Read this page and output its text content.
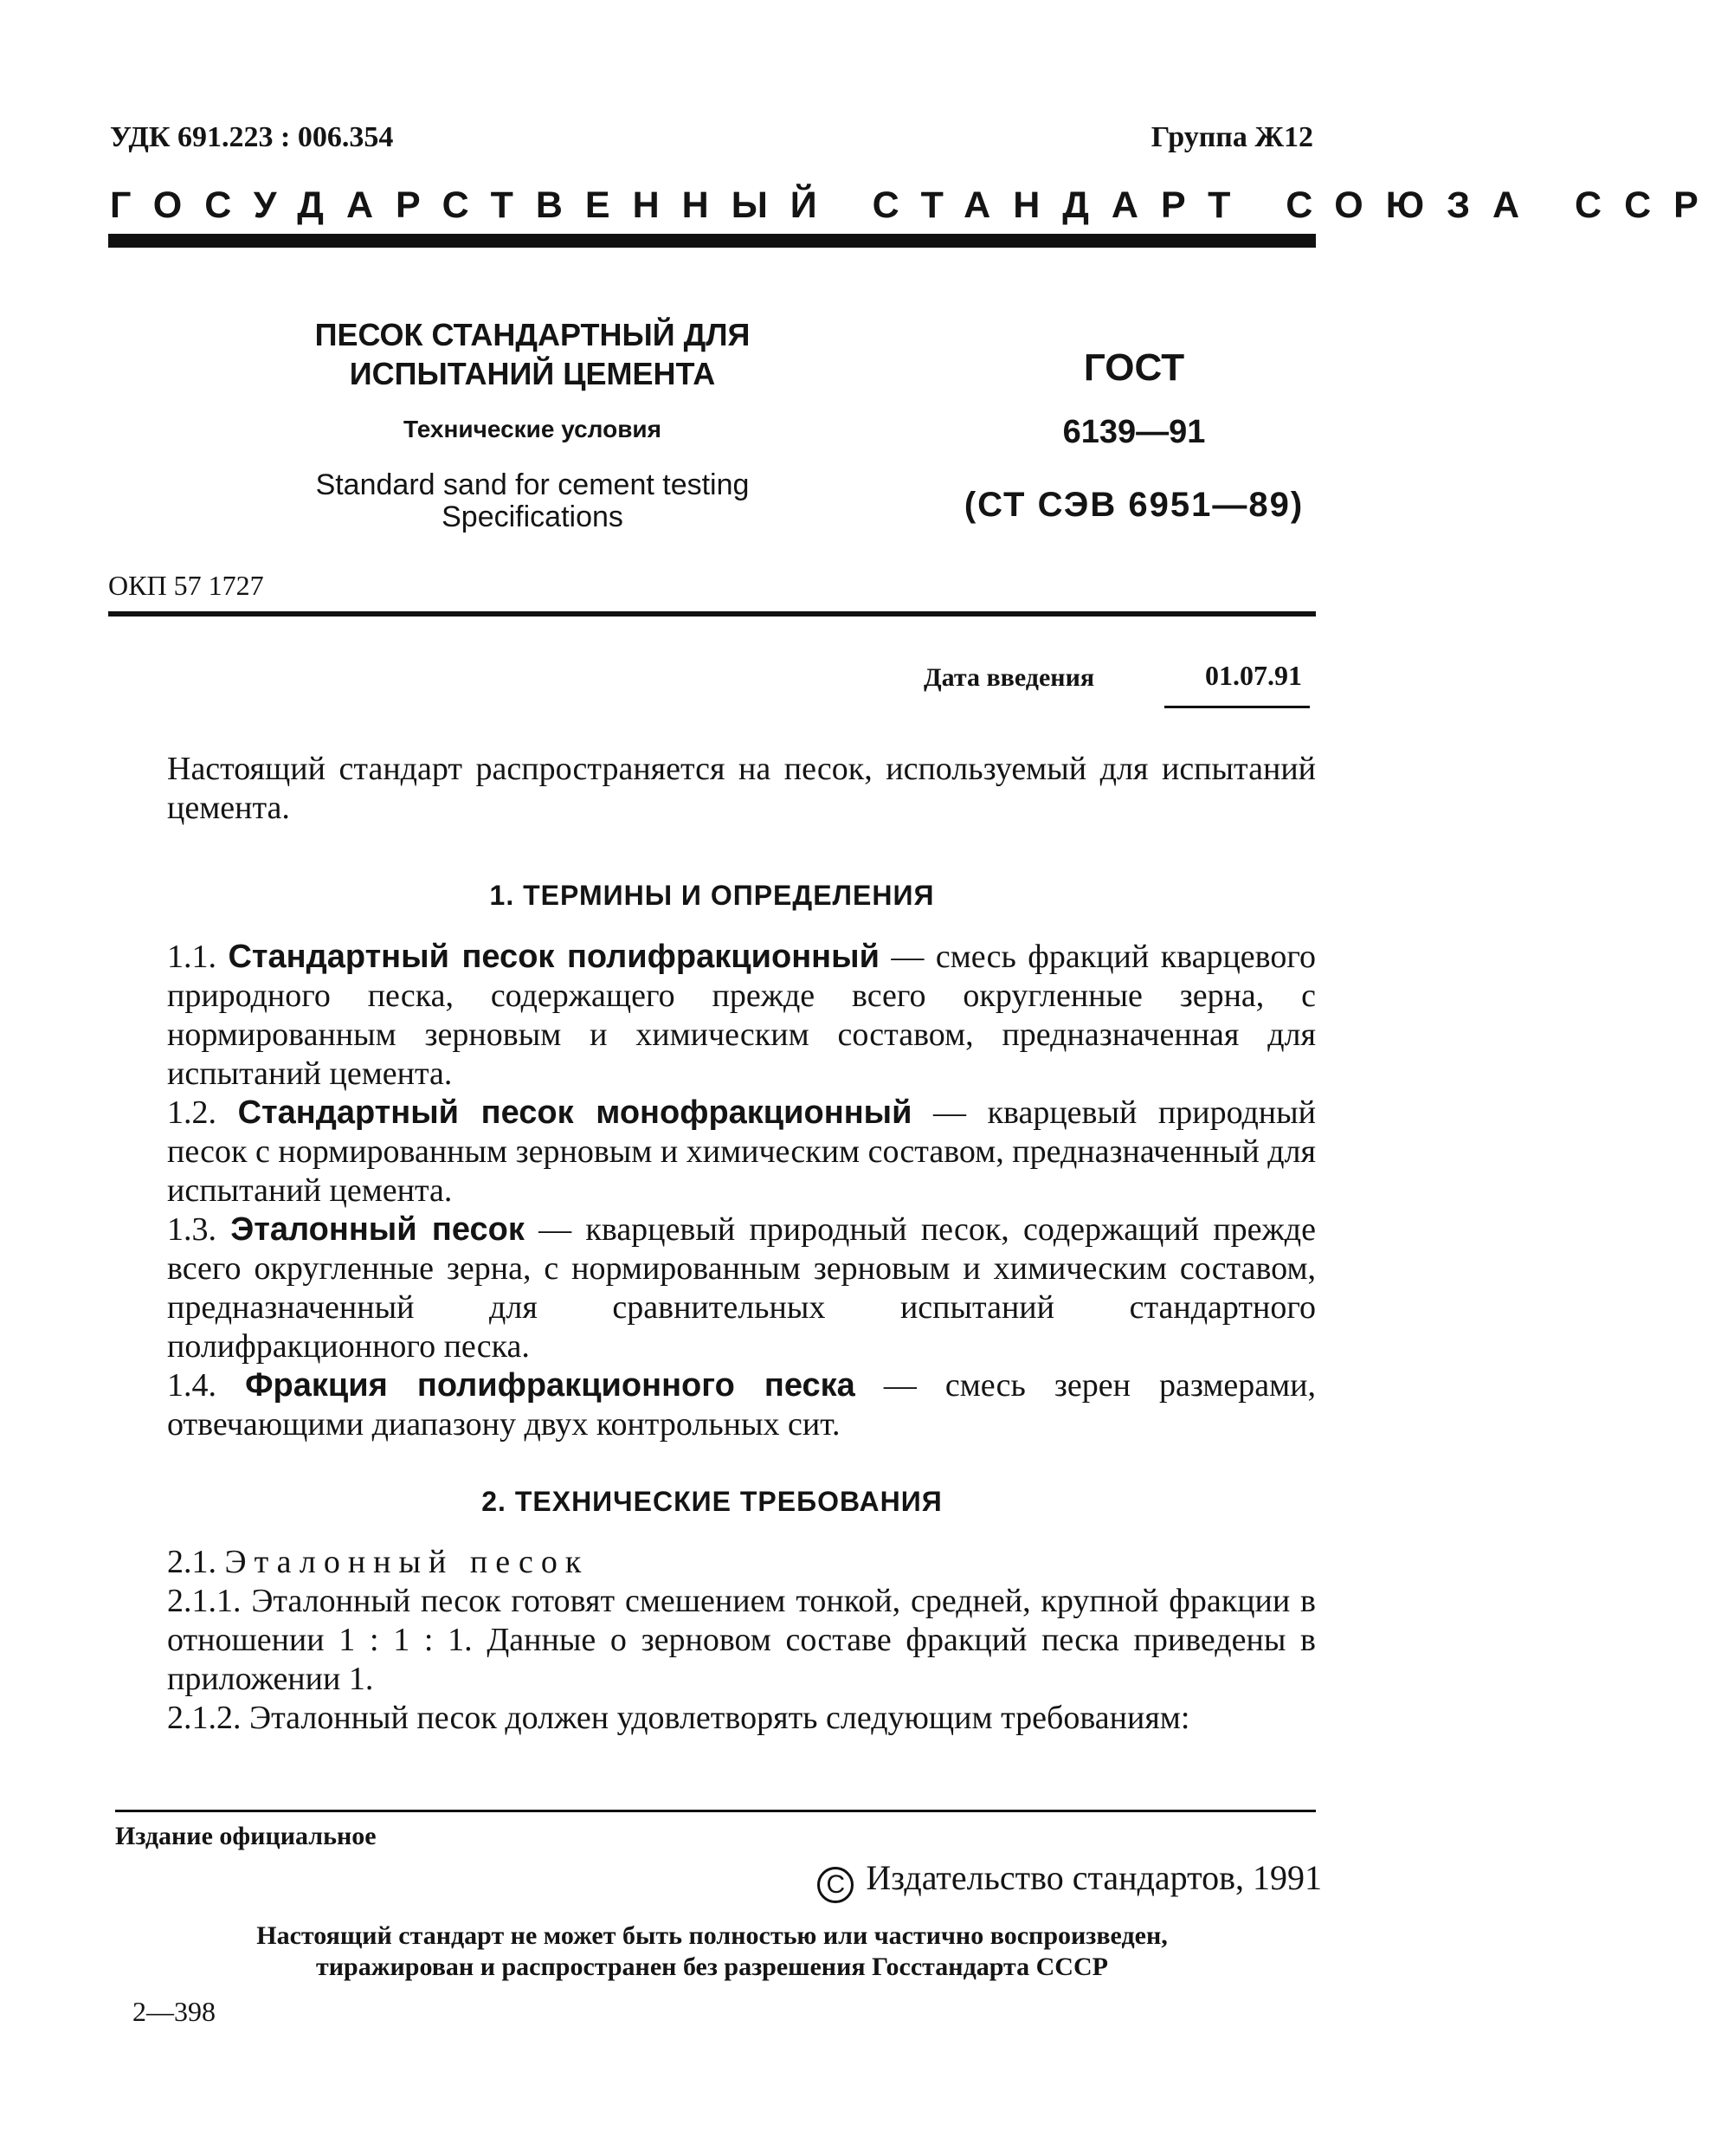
УДК 691.223 : 006.354	Группа Ж12
ГОСУДАРСТВЕННЫЙ СТАНДАРТ СОЮЗА ССР
ПЕСОК СТАНДАРТНЫЙ ДЛЯ
ИСПЫТАНИЙ ЦЕМЕНТА
Технические условия
Standard sand for cement testing
Specifications
ГОСТ
6139—91
(СТ СЭВ 6951—89)
ОКП 57 1727
Дата введения	01.07.91
Настоящий стандарт распространяется на песок, используемый для испытаний цемента.
1. ТЕРМИНЫ И ОПРЕДЕЛЕНИЯ
1.1. Стандартный песок полифракционный — смесь фракций кварцевого природного песка, содержащего прежде всего округленные зерна, с нормированным зерновым и химическим составом, предназначенная для испытаний цемента.
1.2. Стандартный песок монофракционный — кварцевый природный песок с нормированным зерновым и химическим составом, предназначенный для испытаний цемента.
1.3. Эталонный песок — кварцевый природный песок, содержащий прежде всего округленные зерна, с нормированным зерновым и химическим составом, предназначенный для сравнительных испытаний стандартного полифракционного песка.
1.4. Фракция полифракционного песка — смесь зерен размерами, отвечающими диапазону двух контрольных сит.
2. ТЕХНИЧЕСКИЕ ТРЕБОВАНИЯ
2.1. Эталонный песок
2.1.1. Эталонный песок готовят смешением тонкой, средней, крупной фракции в отношении 1 : 1 : 1. Данные о зерновом составе фракций песка приведены в приложении 1.
2.1.2. Эталонный песок должен удовлетворять следующим требованиям:
Издание официальное
C Издательство стандартов, 1991
Настоящий стандарт не может быть полностью или частично воспроизведен,
тиражирован и распространен без разрешения Госстандарта СССР
2—398
